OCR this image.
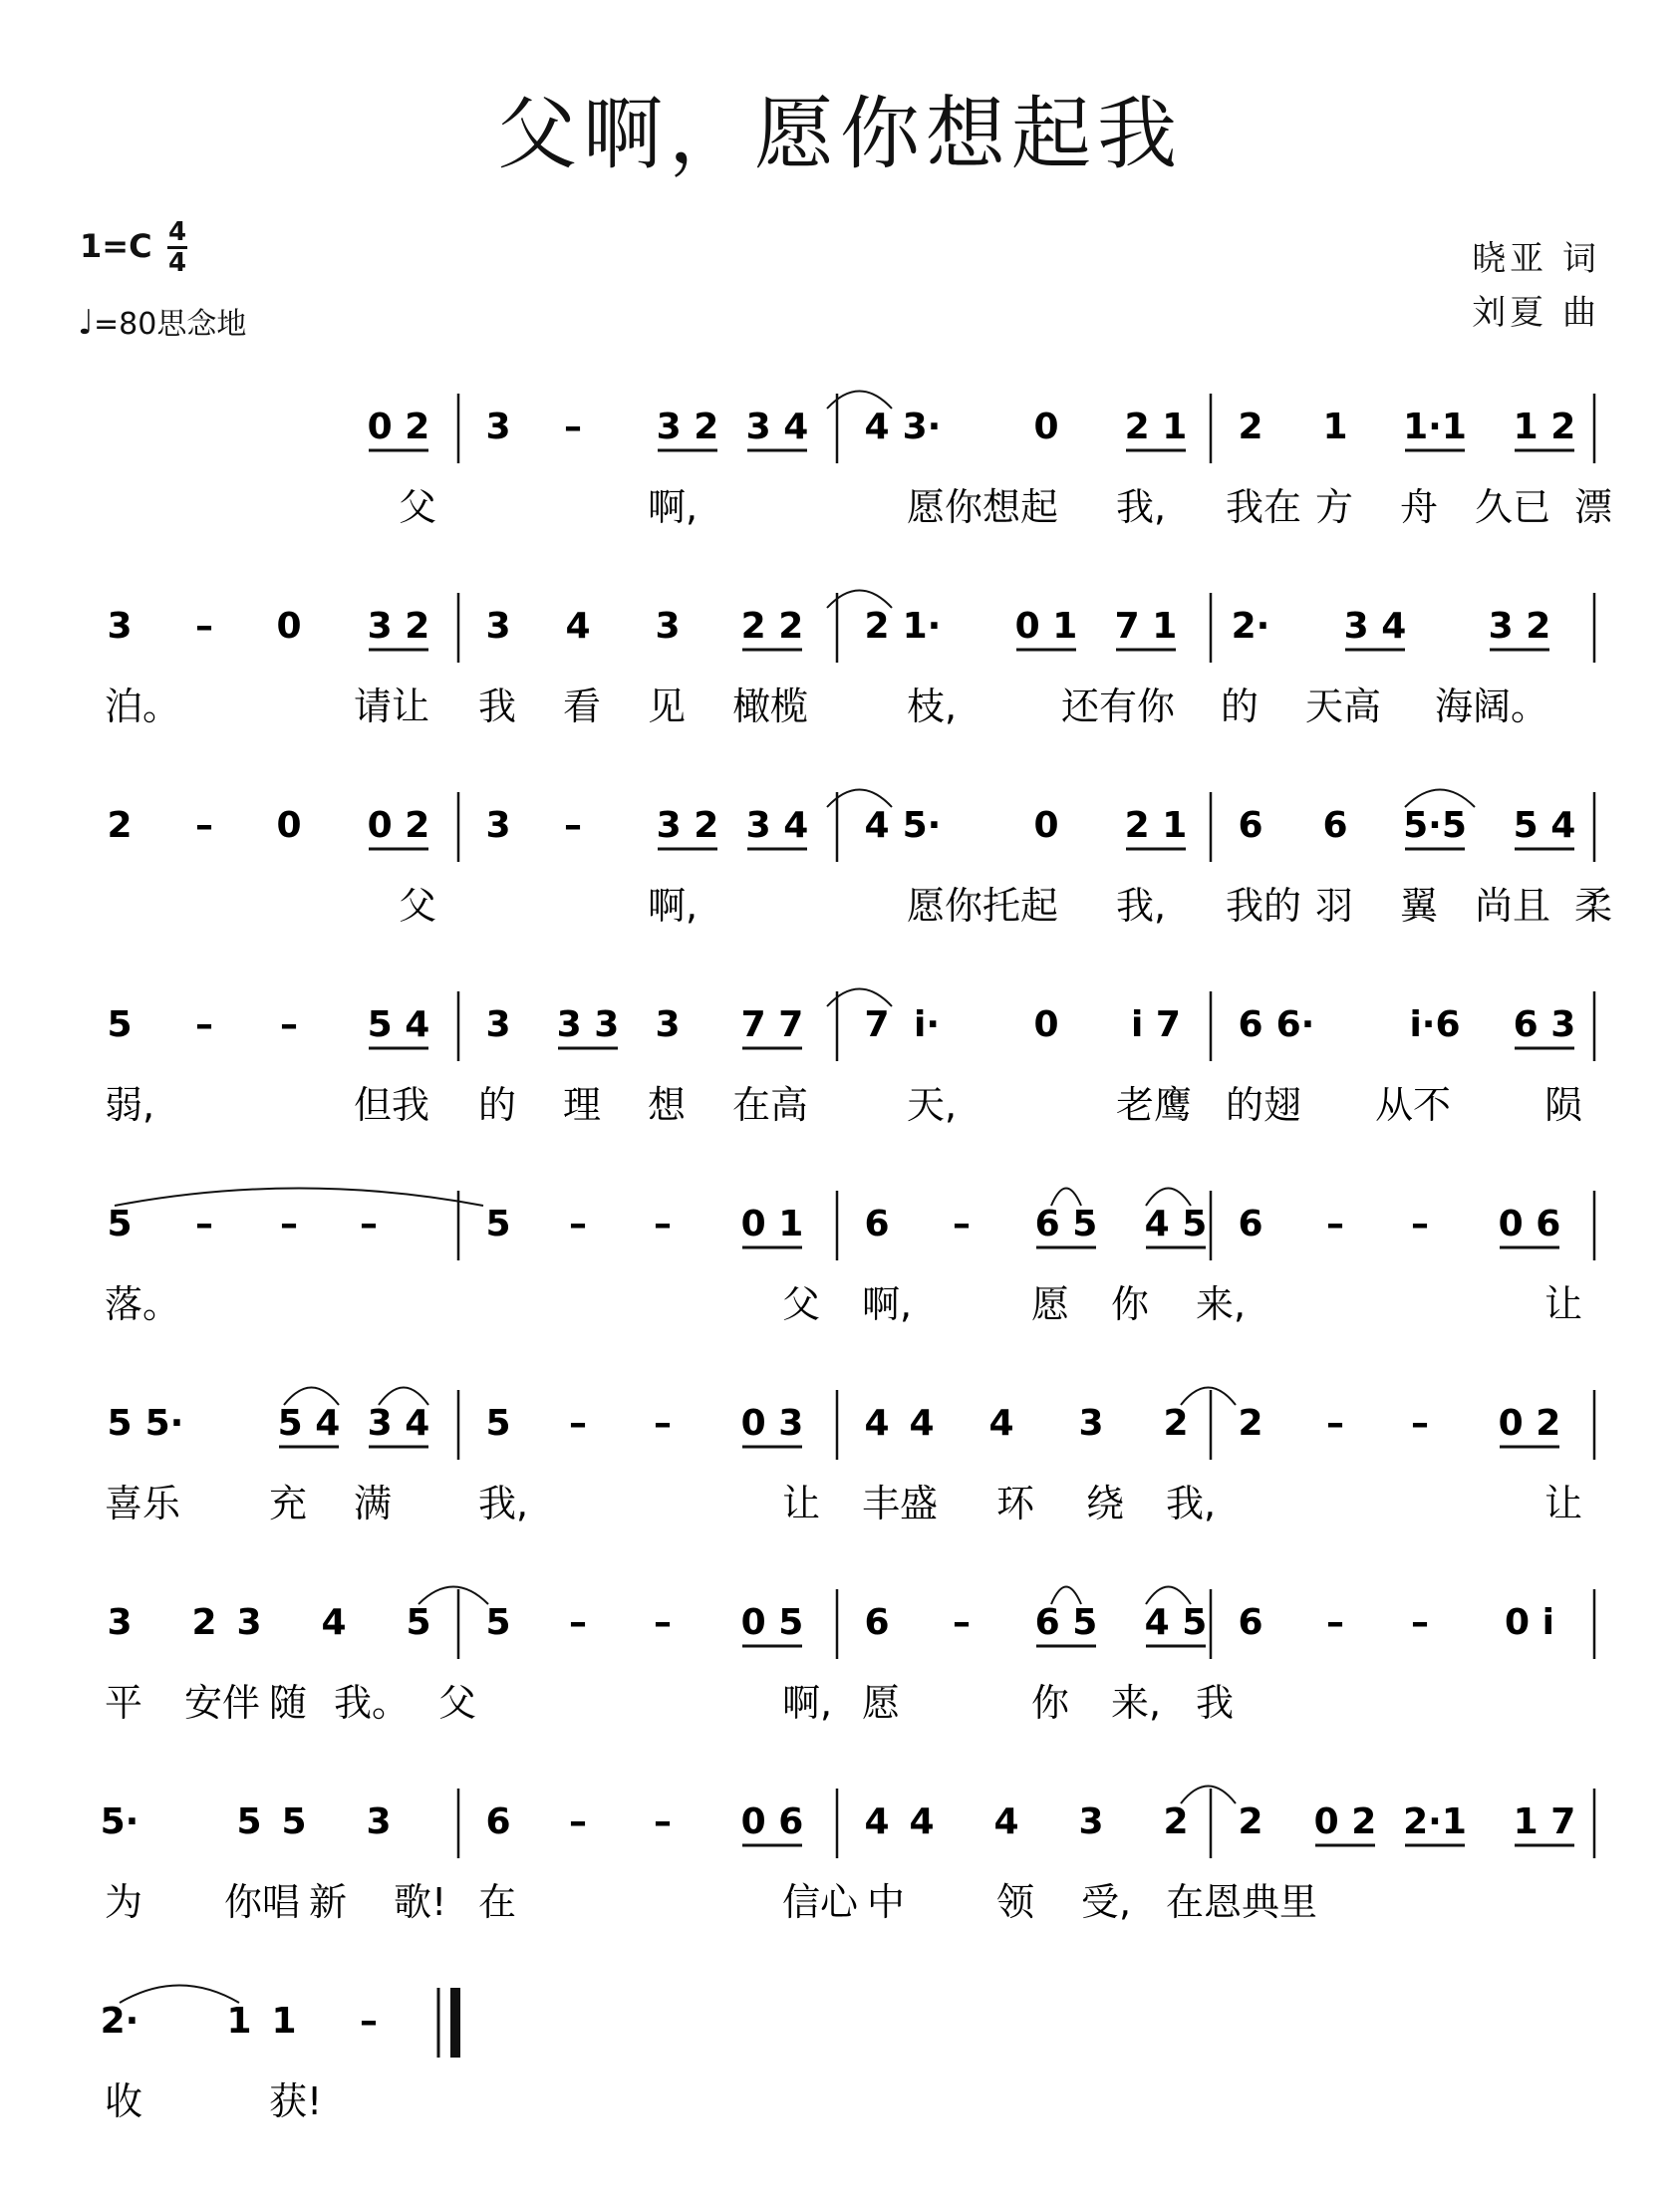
父啊，愿你想起我
1=C 4
4
♩=80思念地
晓亚 词
刘夏 曲
0 2 3 – 3 2 3 4 4 3·	0 2 1 2 1 1·1 1 2
父	啊,	愿你想起 我, 我在 方 舟 久已 漂
3 – 0 3 2 3 4 3 2 2 2 1· 0 1 7 1 2· 3 4 3 2
泊。	请让 我 看 见 橄榄	枝,	还有你 的 天高 海阔。
2 – 0 0 2 3 – 3 2 3 4 4 5·	0 2 1 6 6 5·5 5 4
父	啊,	愿你托起 我, 我的 羽 翼 尚且 柔
5 – – 5 4 3 3 3 3 7 7 7 i·	0 i 7 6 6·	i·6 6 3
弱,	但我 的 理 想 在高	天,	老鹰 的翅 从不 陨
5 – – –	5 – – 0 1 6 – 6 5 4 5 6 – – 0 6
落。	父 啊,	愿 你 来,	让
5 5·	5 4 3 4 5 – – 0 3 4 4 4 3 2 2 – – 0 2
喜乐 充 满 我,	让 丰盛 环 绕 我,	让
3 2 3 4 5 5 – – 0 5 6 – 6 5 4 5 6 – – 0 i
平 安伴 随 我。 父	啊, 愿	你 来, 我
5·	5 5 3	6 – – 0 6 4 4 4 3 2 2 0 2 2·1 1 7
为 你唱 新 歌! 在	信心 中 领 受, 在恩典里
2· 1 1 –
收	获!
